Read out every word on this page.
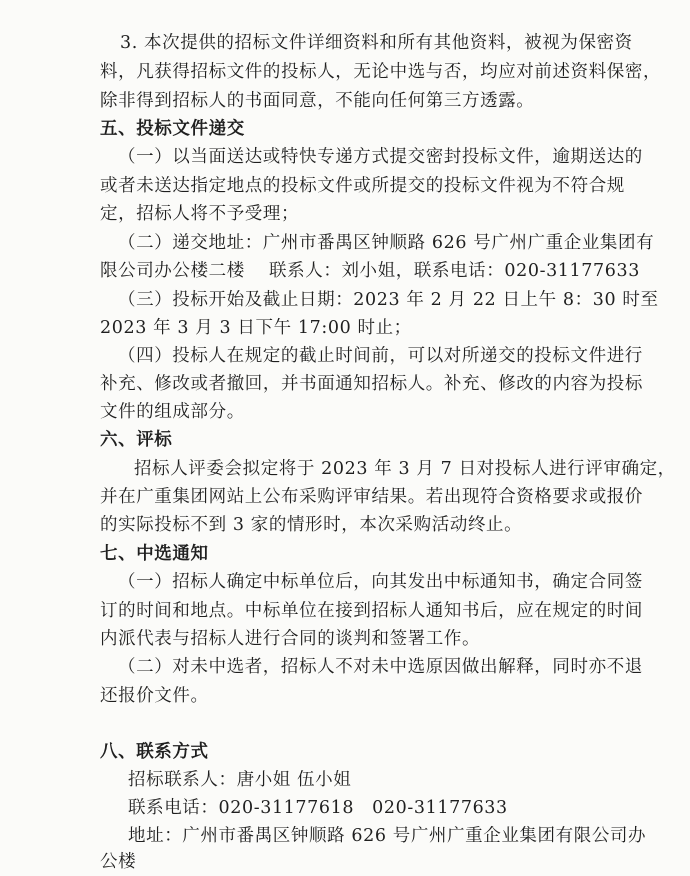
3. 本次提供的招标文件详细资料和所有其他资料，被视为保密资
料，凡获得招标文件的投标人，无论中选与否，均应对前述资料保密，
除非得到招标人的书面同意，不能向任何第三方透露。
五、投标文件递交
（一）以当面送达或特快专递方式提交密封投标文件，逾期送达的
或者未送达指定地点的投标文件或所提交的投标文件视为不符合规
定，招标人将不予受理；
（二）递交地址：广州市番禺区钟顺路 626 号广州广重企业集团有
限公司办公楼二楼　 联系人：刘小姐，联系电话：020-31177633
（三）投标开始及截止日期：2023 年 2 月 22 日上午 8：30 时至
2023 年 3 月 3 日下午 17:00 时止；
（四）投标人在规定的截止时间前，可以对所递交的投标文件进行
补充、修改或者撤回，并书面通知招标人。补充、修改的内容为投标
文件的组成部分。
六、评标
招标人评委会拟定将于 2023 年 3 月 7 日对投标人进行评审确定，
并在广重集团网站上公布采购评审结果。若出现符合资格要求或报价
的实际投标不到 3 家的情形时，本次采购活动终止。
七、中选通知
（一）招标人确定中标单位后，向其发出中标通知书，确定合同签
订的时间和地点。中标单位在接到招标人通知书后，应在规定的时间
内派代表与招标人进行合同的谈判和签署工作。
（二）对未中选者，招标人不对未中选原因做出解释，同时亦不退
还报价文件。
八、联系方式
招标联系人：唐小姐 伍小姐
联系电话：020-31177618　020-31177633
地址：广州市番禺区钟顺路 626 号广州广重企业集团有限公司办
公楼
